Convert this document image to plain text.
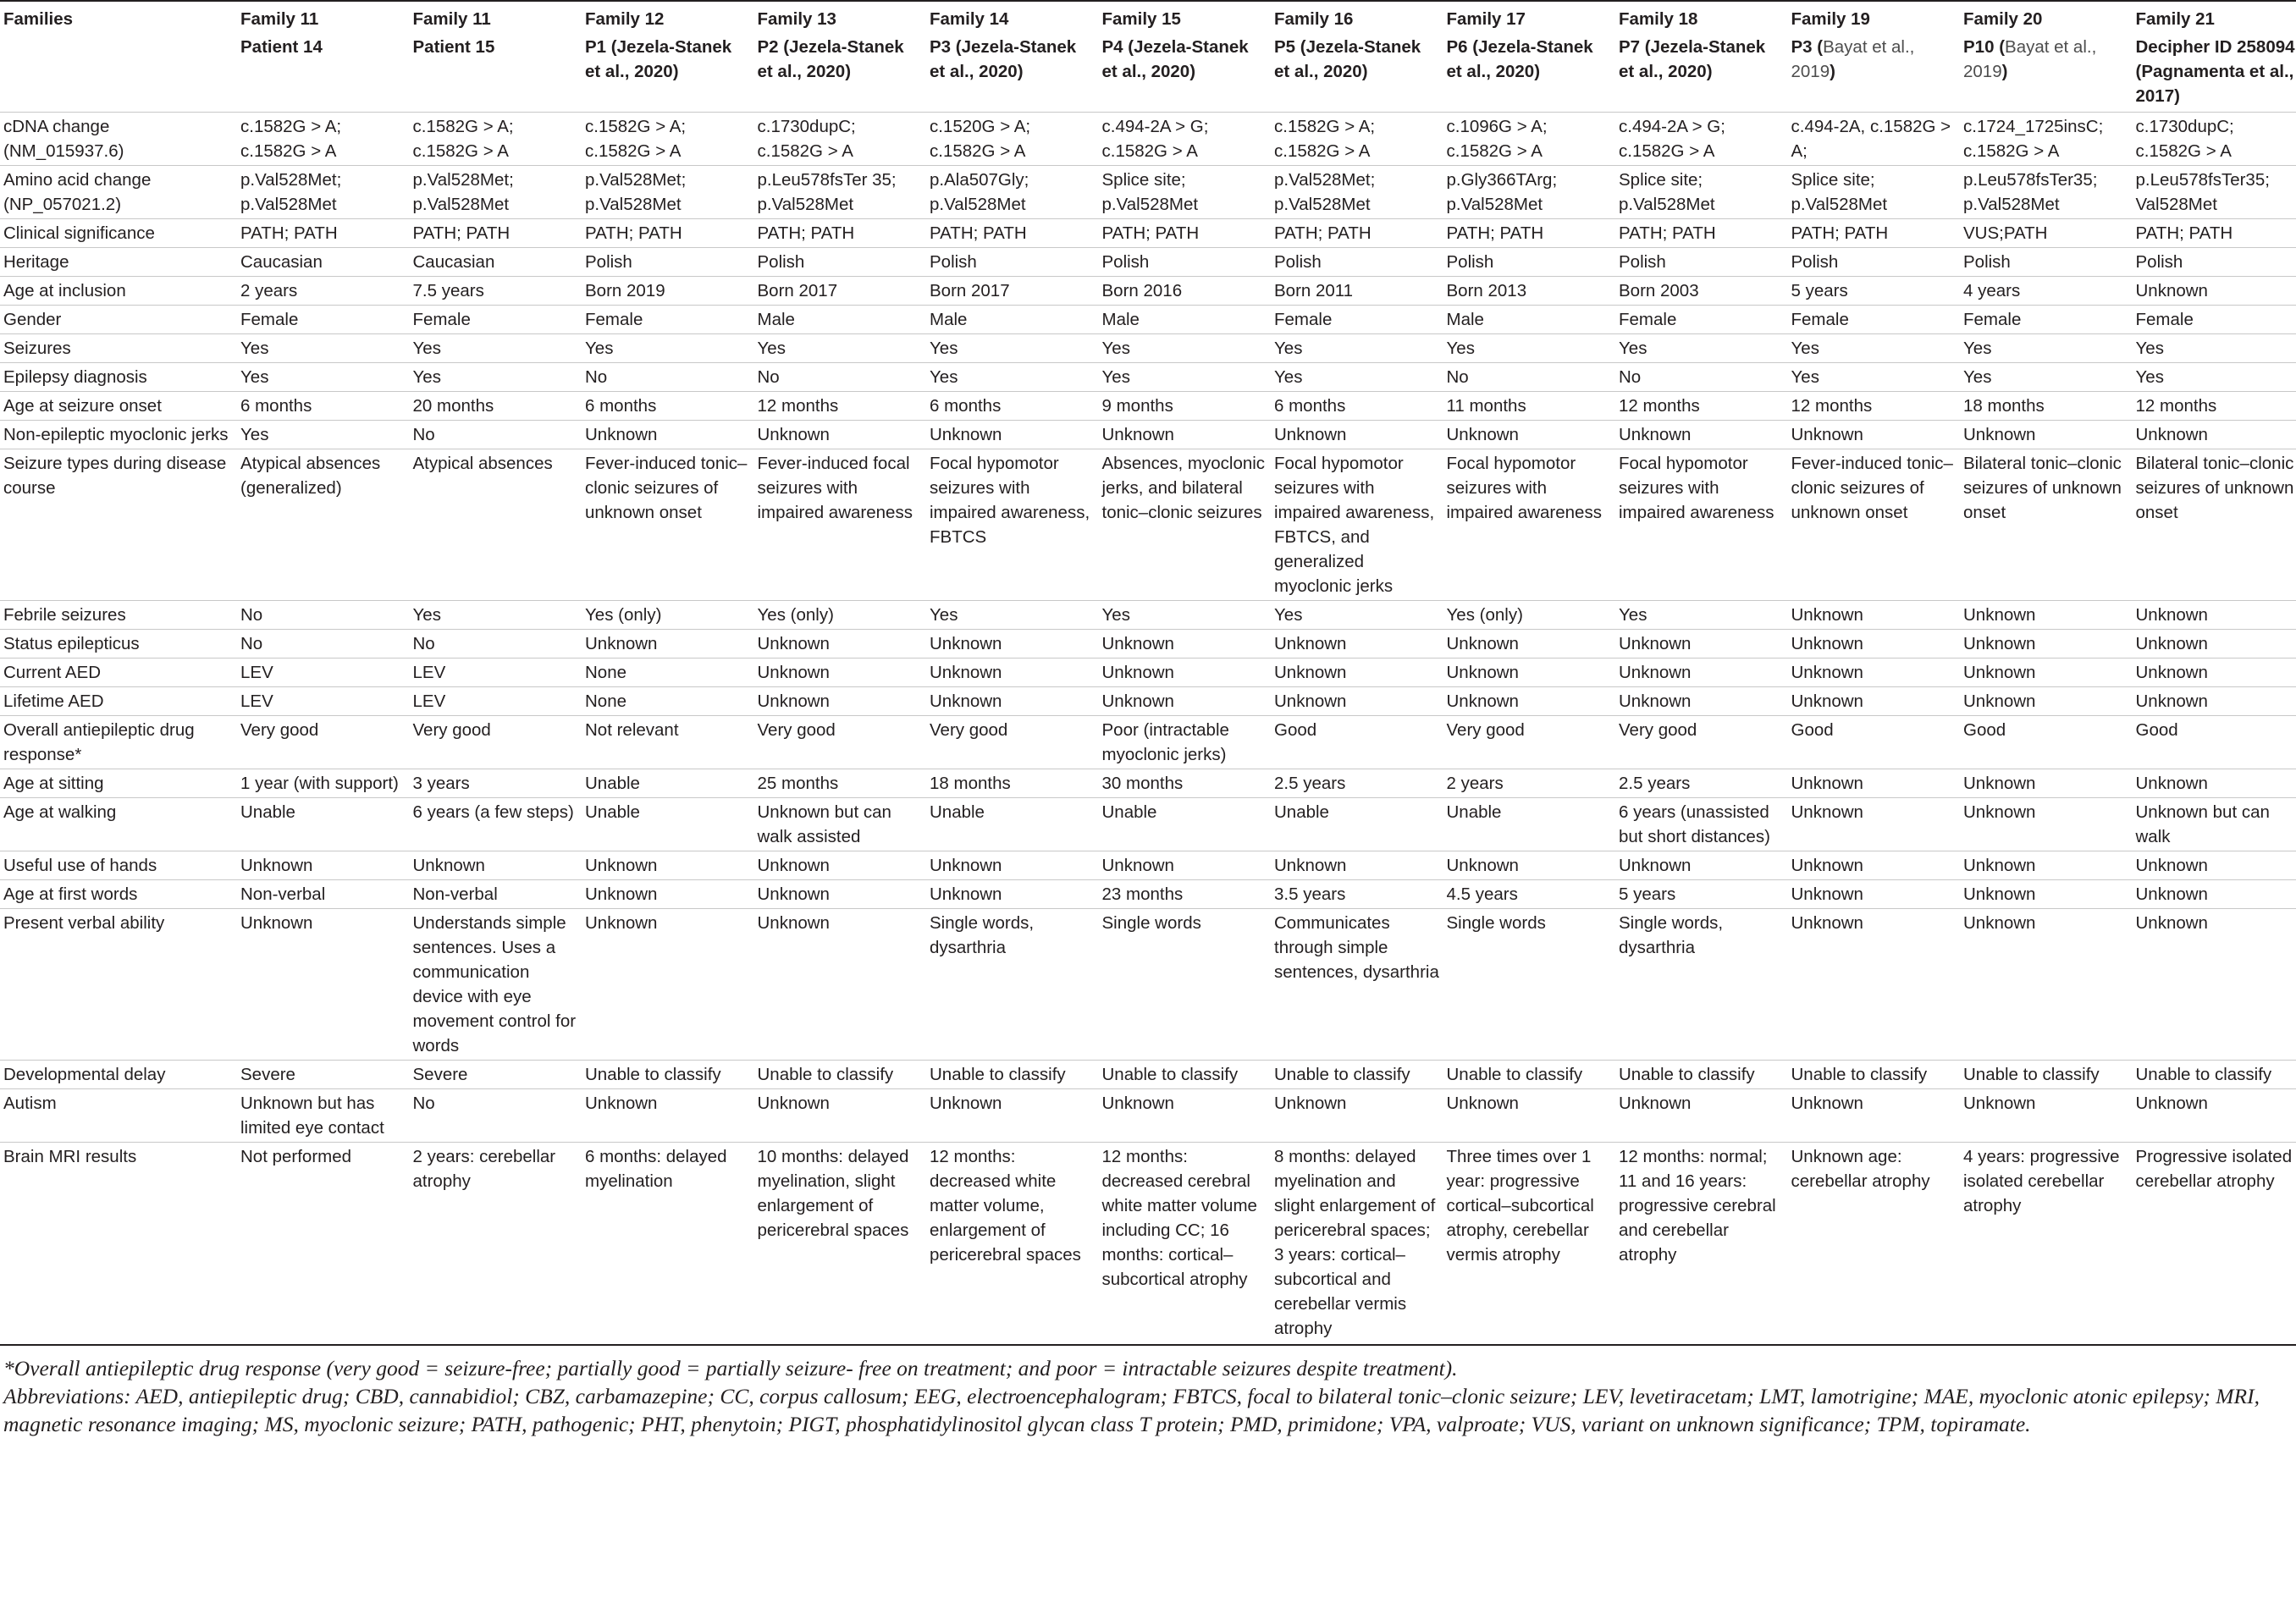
Families	Family 11	Family 11	Family 12	Family 13	Family 14	Family 15	Family 16	Family 17	Family 18	Family 19	Family 20	Family 21
	Patient 14	Patient 15	P1 (Jezela-Stanek et al., 2020)	P2 (Jezela-Stanek et al., 2020)	P3 (Jezela-Stanek et al., 2020)	P4 (Jezela-Stanek et al., 2020)	P5 (Jezela-Stanek et al., 2020)	P6 (Jezela-Stanek et al., 2020)	P7 (Jezela-Stanek et al., 2020)	P3 (Bayat et al., 2019)	P10 (Bayat et al., 2019)	Decipher ID 258094 (Pagnamenta et al., 2017)
cDNA change (NM_015937.6)	c.1582G > A; c.1582G > A	c.1582G > A; c.1582G > A	c.1582G > A; c.1582G > A	c.1730dupC; c.1582G > A	c.1520G > A; c.1582G > A	c.494-2A > G; c.1582G > A	c.1582G > A; c.1582G > A	c.1096G > A; c.1582G > A	c.494-2A > G; c.1582G > A	c.494-2A, c.1582G > A;	c.1724_1725insC; c.1582G > A	c.1730dupC; c.1582G > A
Amino acid change (NP_057021.2)	p.Val528Met; p.Val528Met	p.Val528Met; p.Val528Met	p.Val528Met; p.Val528Met	p.Leu578fsTer 35; p.Val528Met	p.Ala507Gly; p.Val528Met	Splice site; p.Val528Met	p.Val528Met; p.Val528Met	p.Gly366TArg; p.Val528Met	Splice site; p.Val528Met	Splice site; p.Val528Met	p.Leu578fsTer35; p.Val528Met	p.Leu578fsTer35; Val528Met
Clinical significance	PATH; PATH	PATH; PATH	PATH; PATH	PATH; PATH	PATH; PATH	PATH; PATH	PATH; PATH	PATH; PATH	PATH; PATH	PATH; PATH	VUS;PATH	PATH; PATH
Heritage	Caucasian	Caucasian	Polish	Polish	Polish	Polish	Polish	Polish	Polish	Polish	Polish	Polish
Age at inclusion	2 years	7.5 years	Born 2019	Born 2017	Born 2017	Born 2016	Born 2011	Born 2013	Born 2003	5 years	4 years	Unknown
Gender	Female	Female	Female	Male	Male	Male	Female	Male	Female	Female	Female	Female
Seizures	Yes	Yes	Yes	Yes	Yes	Yes	Yes	Yes	Yes	Yes	Yes	Yes
Epilepsy diagnosis	Yes	Yes	No	No	Yes	Yes	Yes	No	No	Yes	Yes	Yes
Age at seizure onset	6 months	20 months	6 months	12 months	6 months	9 months	6 months	11 months	12 months	12 months	18 months	12 months
Non-epileptic myoclonic jerks	Yes	No	Unknown	Unknown	Unknown	Unknown	Unknown	Unknown	Unknown	Unknown	Unknown	Unknown
Seizure types during disease course	Atypical absences (generalized)	Atypical absences	Fever-induced tonic–clonic seizures of unknown onset	Fever-induced focal seizures with impaired awareness	Focal hypomotor seizures with impaired awareness, FBTCS	Absences, myoclonic jerks, and bilateral tonic–clonic seizures	Focal hypomotor seizures with impaired awareness, FBTCS, and generalized myoclonic jerks	Focal hypomotor seizures with impaired awareness	Focal hypomotor seizures with impaired awareness	Fever-induced tonic–clonic seizures of unknown onset	Bilateral tonic–clonic seizures of unknown onset	Bilateral tonic–clonic seizures of unknown onset
Febrile seizures	No	Yes	Yes (only)	Yes (only)	Yes	Yes	Yes	Yes (only)	Yes	Unknown	Unknown	Unknown
Status epilepticus	No	No	Unknown	Unknown	Unknown	Unknown	Unknown	Unknown	Unknown	Unknown	Unknown	Unknown
Current AED	LEV	LEV	None	Unknown	Unknown	Unknown	Unknown	Unknown	Unknown	Unknown	Unknown	Unknown
Lifetime AED	LEV	LEV	None	Unknown	Unknown	Unknown	Unknown	Unknown	Unknown	Unknown	Unknown	Unknown
Overall antiepileptic drug response*	Very good	Very good	Not relevant	Very good	Very good	Poor (intractable myoclonic jerks)	Good	Very good	Very good	Good	Good	Good
Age at sitting	1 year (with support)	3 years	Unable	25 months	18 months	30 months	2.5 years	2 years	2.5 years	Unknown	Unknown	Unknown
Age at walking	Unable	6 years (a few steps)	Unable	Unknown but can walk assisted	Unable	Unable	Unable	Unable	6 years (unassisted but short distances)	Unknown	Unknown	Unknown but can walk
Useful use of hands	Unknown	Unknown	Unknown	Unknown	Unknown	Unknown	Unknown	Unknown	Unknown	Unknown	Unknown	Unknown
Age at first words	Non-verbal	Non-verbal	Unknown	Unknown	Unknown	23 months	3.5 years	4.5 years	5 years	Unknown	Unknown	Unknown
Present verbal ability	Unknown	Understands simple sentences. Uses a communication device with eye movement control for words	Unknown	Unknown	Single words, dysarthria	Single words	Communicates through simple sentences, dysarthria	Single words	Single words, dysarthria	Unknown	Unknown	Unknown
Developmental delay	Severe	Severe	Unable to classify	Unable to classify	Unable to classify	Unable to classify	Unable to classify	Unable to classify	Unable to classify	Unable to classify	Unable to classify	Unable to classify
Autism	Unknown but has limited eye contact	No	Unknown	Unknown	Unknown	Unknown	Unknown	Unknown	Unknown	Unknown	Unknown	Unknown
Brain MRI results	Not performed	2 years: cerebellar atrophy	6 months: delayed myelination	10 months: delayed myelination, slight enlargement of pericerebral spaces	12 months: decreased white matter volume, enlargement of pericerebral spaces	12 months: decreased cerebral white matter volume including CC; 16 months: cortical–subcortical atrophy	8 months: delayed myelination and slight enlargement of pericerebral spaces; 3 years: cortical–subcortical and cerebellar vermis atrophy	Three times over 1 year: progressive cortical–subcortical atrophy, cerebellar vermis atrophy	12 months: normal; 11 and 16 years: progressive cerebral and cerebellar atrophy	Unknown age: cerebellar atrophy	4 years: progressive isolated cerebellar atrophy	Progressive isolated cerebellar atrophy

*Overall antiepileptic drug response (very good = seizure-free; partially good = partially seizure- free on treatment; and poor = intractable seizures despite treatment).

Abbreviations: AED, antiepileptic drug; CBD, cannabidiol; CBZ, carbamazepine; CC, corpus callosum; EEG, electroencephalogram; FBTCS, focal to bilateral tonic–clonic seizure; LEV, levetiracetam; LMT, lamotrigine; MAE, myoclonic atonic epilepsy; MRI, magnetic resonance imaging; MS, myoclonic seizure; PATH, pathogenic; PHT, phenytoin; PIGT, phosphatidylinositol glycan class T protein; PMD, primidone; VPA, valproate; VUS, variant on unknown significance; TPM, topiramate.
